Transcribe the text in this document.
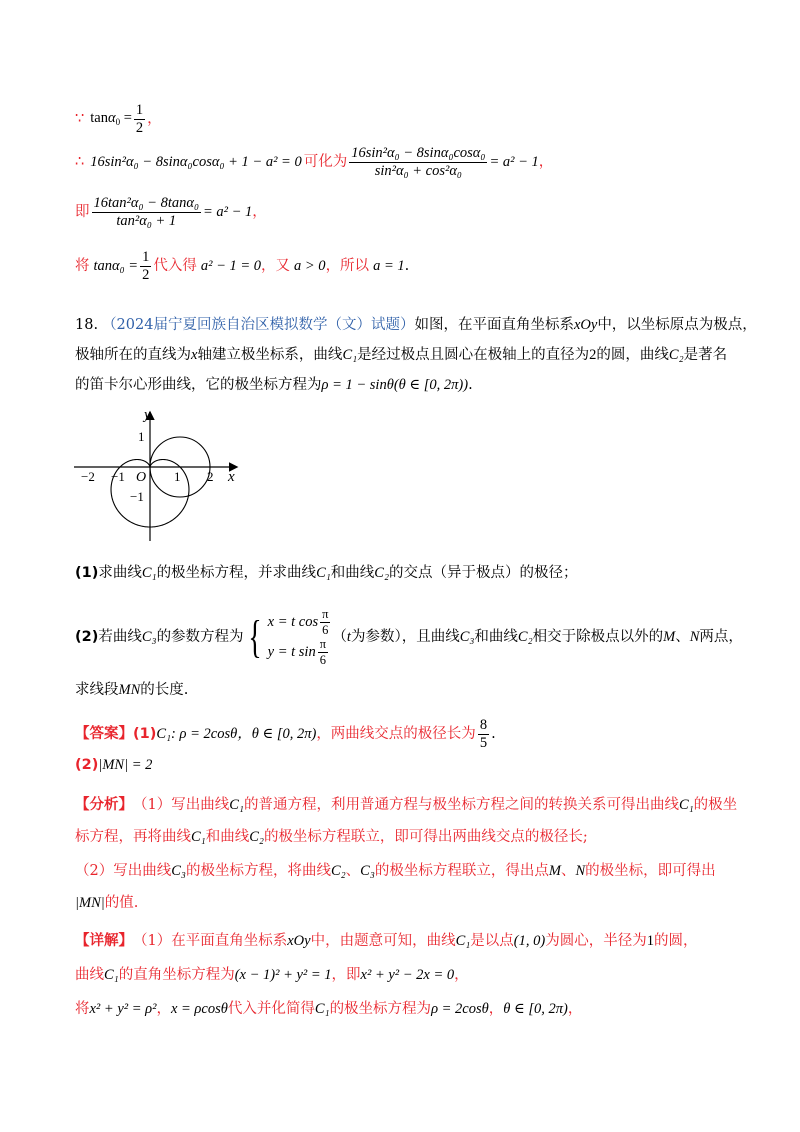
∵ $\tan\alpha_0 = \frac{1}{2}$ ，
∴ 16sin²α₀ − 8sinα₀cosα₀ + 1 − a² = 0 可化为 $\frac{\text{16sin²α₀ − 8sinα₀cosα₀}}{\text{sin²α₀ + cos²α₀}} = a^2 - 1$ ，
即 $\frac{\text{16tan²α₀ − 8tanα₀}}{\text{tan²α₀ + 1}} = a^2 - 1$ ，
将 $\tan\alpha_0 = \frac{1}{2}$ 代入得 a² − 1 = 0 ，又 a > 0 ，所以 a = 1 .
18. （2024届宁夏回族自治区模拟数学（文）试题） 如图，在平面直角坐标系 xOy 中，以坐标原点为极点，
极轴所在的直线为 x 轴建立极坐标系，曲线 C₁ 是经过极点且圆心在极轴上的直径为 2 的圆，曲线 C₂ 是著名
的笛卡尔心形曲线，它的极坐标方程为 ρ = 1 − sinθ (θ ∈ [0, 2π)) .
y
x
O
−2 −1	1 2
1
−1
(1) 求曲线 C₁ 的极坐标方程，并求曲线 C₁ 和曲线 C₂ 的交点（异于极点）的极径；
(2) 若曲线 C₃ 的参数方程为 { x = t $\cos \frac{\pi}{6}$
y = t $\sin \frac{\pi}{6}$
（ t 为参数），且曲线 C₃ 和曲线 C₂ 相交于除极点以外的 M 、 N 两点，
求线段 MN 的长度.
【答案】 (1) C₁: ρ = 2cosθ ，θ ∈ [0, 2π) ，两曲线交点的极径长为 $\frac{8}{5}$ .
(2) |MN| = 2
【分析】 （1）写出曲线 C₁ 的普通方程，利用普通方程与极坐标方程之间的转换关系可得出曲线 C₁ 的极坐
标方程，再将曲线 C₁ 和曲线 C₂ 的极坐标方程联立，即可得出两曲线交点的极径长;
（2）写出曲线 C₃ 的极坐标方程，将曲线 C₂ 、 C₃ 的极坐标方程联立，得出点 M 、 N 的极坐标，即可得出
|MN| 的值.
【详解】 （1）在平面直角坐标系 xOy 中，由题意可知，曲线 C₁ 是以点 (1, 0) 为圆心，半径为 1 的圆，
曲线 C₁ 的直角坐标方程为 (x − 1)² + y² = 1 ，即 x² + y² − 2x = 0 ，
将 x² + y² = ρ² ， x = ρcosθ 代入并化简得 C₁ 的极坐标方程为 ρ = 2cosθ ， θ ∈ [0, 2π) ，
